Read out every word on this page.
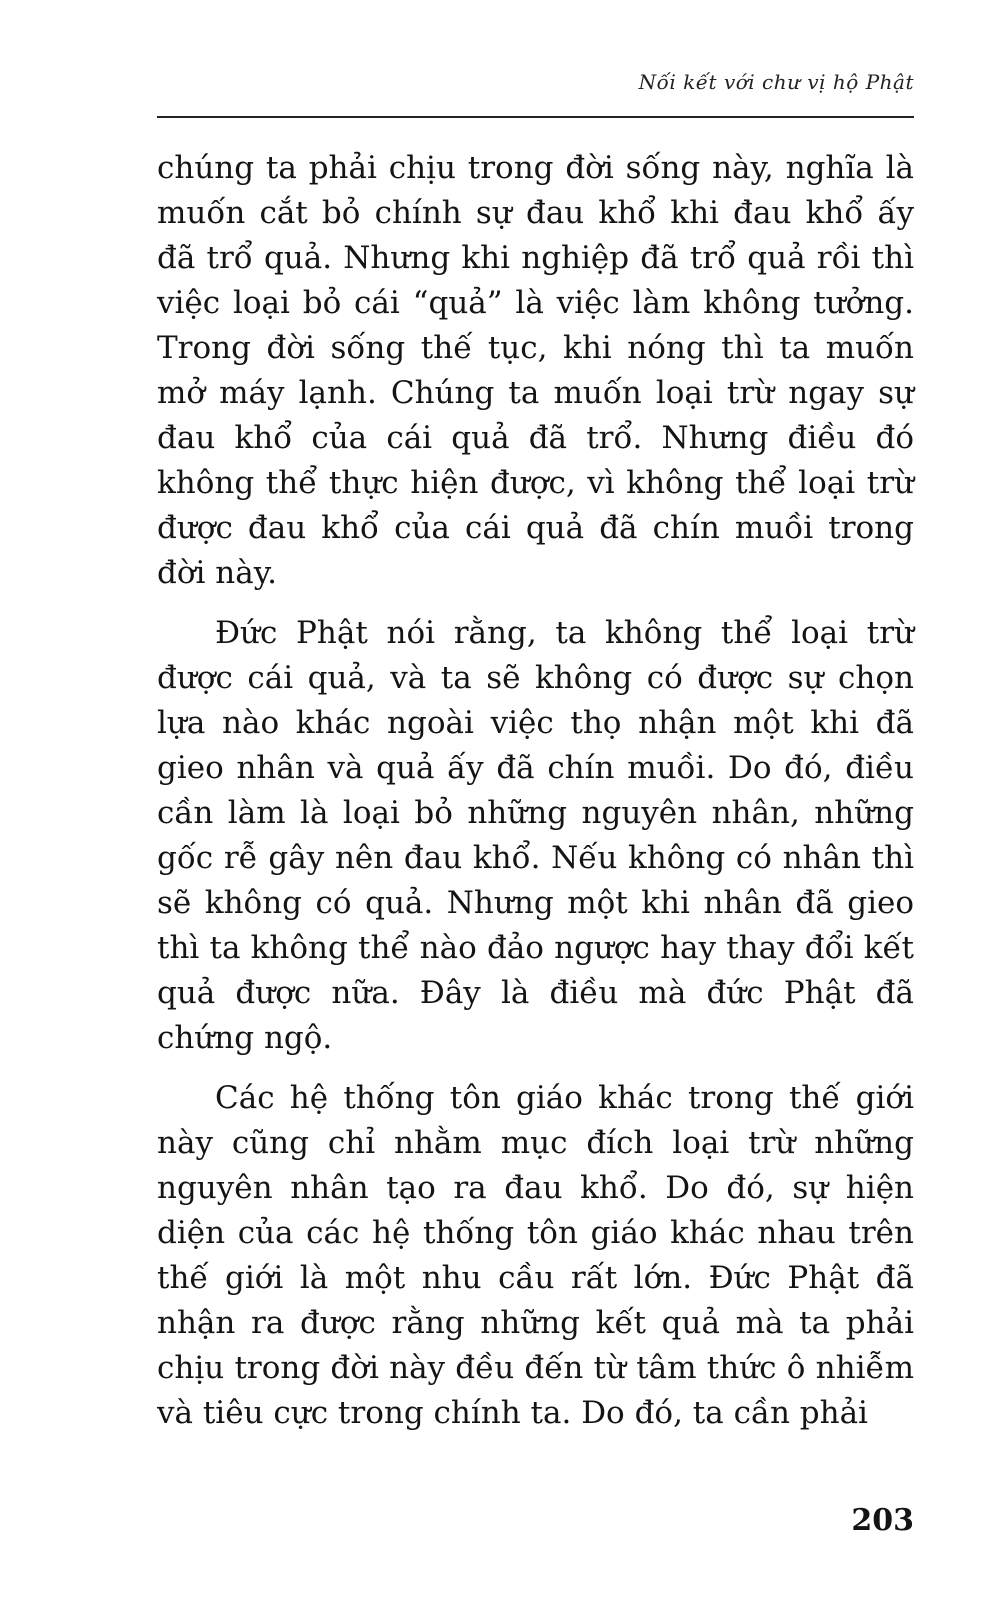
Nối kết với chư vị hộ Phật

chúng ta phải chịu trong đời sống này, nghĩa là muốn cắt bỏ chính sự đau khổ khi đau khổ ấy đã trổ quả. Nhưng khi nghiệp đã trổ quả rồi thì việc loại bỏ cái “quả” là việc làm không tưởng. Trong đời sống thế tục, khi nóng thì ta muốn mở máy lạnh. Chúng ta muốn loại trừ ngay sự đau khổ của cái quả đã trổ. Nhưng điều đó không thể thực hiện được, vì không thể loại trừ được đau khổ của cái quả đã chín muồi trong đời này.

Đức Phật nói rằng, ta không thể loại trừ được cái quả, và ta sẽ không có được sự chọn lựa nào khác ngoài việc thọ nhận một khi đã gieo nhân và quả ấy đã chín muồi. Do đó, điều cần làm là loại bỏ những nguyên nhân, những gốc rễ gây nên đau khổ. Nếu không có nhân thì sẽ không có quả. Nhưng một khi nhân đã gieo thì ta không thể nào đảo ngược hay thay đổi kết quả được nữa. Đây là điều mà đức Phật đã chứng ngộ.

Các hệ thống tôn giáo khác trong thế giới này cũng chỉ nhằm mục đích loại trừ những nguyên nhân tạo ra đau khổ. Do đó, sự hiện diện của các hệ thống tôn giáo khác nhau trên thế giới là một nhu cầu rất lớn. Đức Phật đã nhận ra được rằng những kết quả mà ta phải chịu trong đời này đều đến từ tâm thức ô nhiễm và tiêu cực trong chính ta. Do đó, ta cần phải

203
